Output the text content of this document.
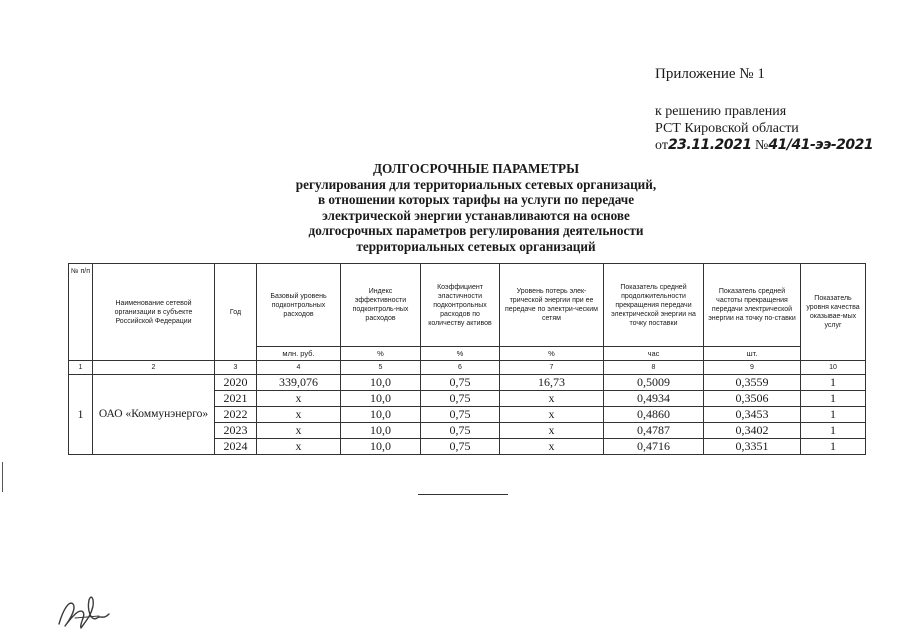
Приложение № 1
к решению правления
РСТ Кировской области
от23.11.2021 №41/41-ээ-2021
ДОЛГОСРОЧНЫЕ ПАРАМЕТРЫ
регулирования для территориальных сетевых организаций,
в отношении которых тарифы на услуги по передаче
электрической энергии устанавливаются на основе
долгосрочных параметров регулирования деятельности
территориальных сетевых организаций
№ п/п	Наименование сетевой организации в субъекте Российской Федерации	Год	Базовый уровень подконтрольных расходов	Индекс эффективности подконтроль-ных расходов	Коэффициент эластичности подконтрольных расходов по количеству активов	Уровень потерь элек-трической энергии при ее передаче по электри-ческим сетям	Показатель средней продолжительности прекращения передачи электрической энергии на точку поставки	Показатель средней частоты прекращения передачи электрической энергии на точку по-ставки	Показатель уровня качества оказывае-мых услуг
			млн. руб.	%	%	%	час	шт.	
1	2	3	4	5	6	7	8	9	10
1	ОАО «Коммунэнерго»	2020	339,076	10,0	0,75	16,73	0,5009	0,3559	1
		2021	х	10,0	0,75	х	0,4934	0,3506	1
		2022	х	10,0	0,75	х	0,4860	0,3453	1
		2023	х	10,0	0,75	х	0,4787	0,3402	1
		2024	х	10,0	0,75	х	0,4716	0,3351	1
